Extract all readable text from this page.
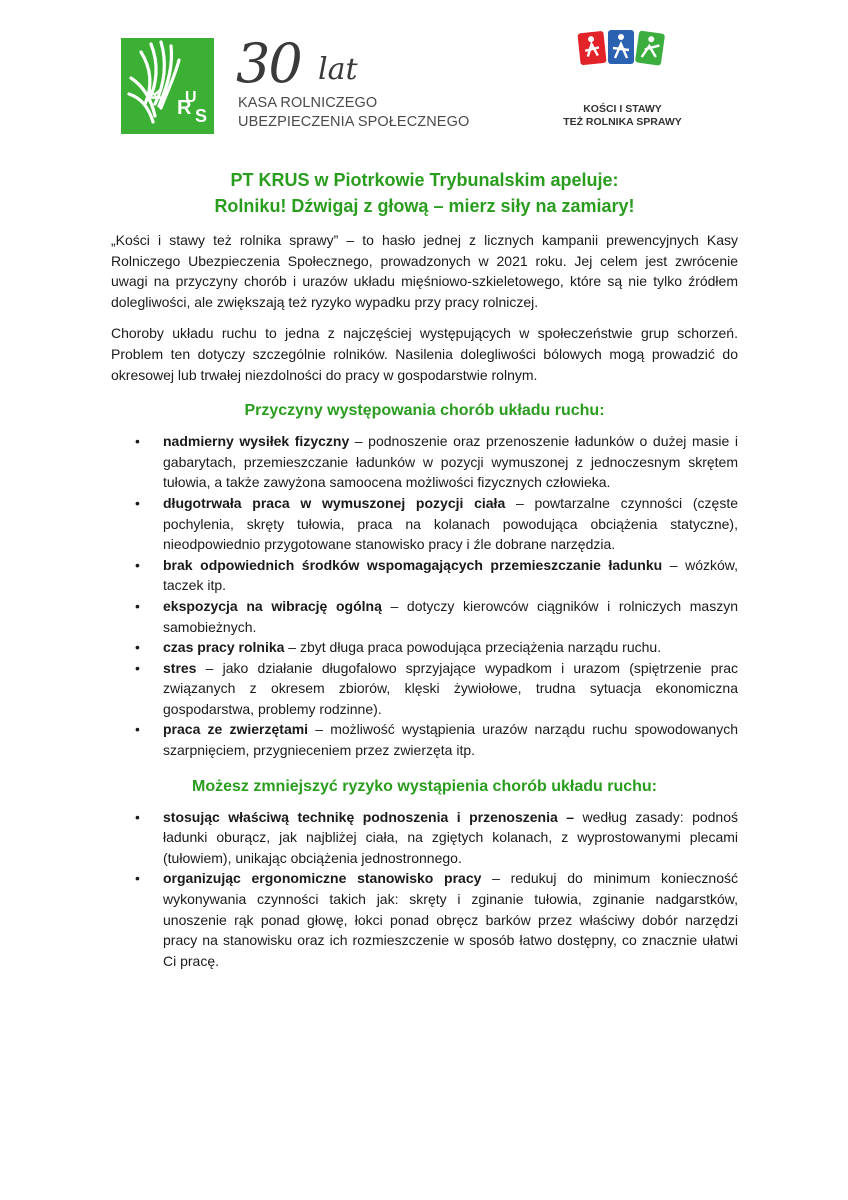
K
R
U
S
30 lat
KASA ROLNICZEGO
UBEZPIECZENIA SPOŁECZNEGO
KOŚCI I STAWY
TEŻ ROLNIKA SPRAWY
PT KRUS w Piotrkowie Trybunalskim apeluje:
Rolniku! Dźwigaj z głową – mierz siły na zamiary!

„Kości i stawy też rolnika sprawy” – to hasło jednej z licznych kampanii prewencyjnych Kasy Rolniczego Ubezpieczenia Społecznego, prowadzonych w 2021 roku. Jej celem jest zwrócenie uwagi na przyczyny chorób i urazów układu mięśniowo-szkieletowego, które są nie tylko źródłem dolegliwości, ale zwiększają też ryzyko wypadku przy pracy rolniczej.

Choroby układu ruchu to jedna z najczęściej występujących w społeczeństwie grup schorzeń. Problem ten dotyczy szczególnie rolników. Nasilenia dolegliwości bólowych mogą prowadzić do okresowej lub trwałej niezdolności do pracy w gospodarstwie rolnym.

Przyczyny występowania chorób układu ruchu:
• nadmierny wysiłek fizyczny – podnoszenie oraz przenoszenie ładunków o dużej masie i gabarytach, przemieszczanie ładunków w pozycji wymuszonej z jednoczesnym skrętem tułowia, a także zawyżona samoocena możliwości fizycznych człowieka.
• długotrwała praca w wymuszonej pozycji ciała – powtarzalne czynności (częste pochylenia, skręty tułowia, praca na kolanach powodująca obciążenia statyczne), nieodpowiednio przygotowane stanowisko pracy i źle dobrane narzędzia.
• brak odpowiednich środków wspomagających przemieszczanie ładunku – wózków, taczek itp.
• ekspozycja na wibrację ogólną – dotyczy kierowców ciągników i rolniczych maszyn samobieżnych.
• czas pracy rolnika – zbyt długa praca powodująca przeciążenia narządu ruchu.
• stres – jako działanie długofalowo sprzyjające wypadkom i urazom (spiętrzenie prac związanych z okresem zbiorów, klęski żywiołowe, trudna sytuacja ekonomiczna gospodarstwa, problemy rodzinne).
• praca ze zwierzętami – możliwość wystąpienia urazów narządu ruchu spowodowanych szarpnięciem, przygnieceniem przez zwierzęta itp.
Możesz zmniejszyć ryzyko wystąpienia chorób układu ruchu:
• stosując właściwą technikę podnoszenia i przenoszenia – według zasady: podnoś ładunki oburącz, jak najbliżej ciała, na zgiętych kolanach, z wyprostowanymi plecami (tułowiem), unikając obciążenia jednostronnego.
• organizując ergonomiczne stanowisko pracy – redukuj do minimum konieczność wykonywania czynności takich jak: skręty i zginanie tułowia, zginanie nadgarstków, unoszenie rąk ponad głowę, łokci ponad obręcz barków przez właściwy dobór narzędzi pracy na stanowisku oraz ich rozmieszczenie w sposób łatwo dostępny, co znacznie ułatwi Ci pracę.
